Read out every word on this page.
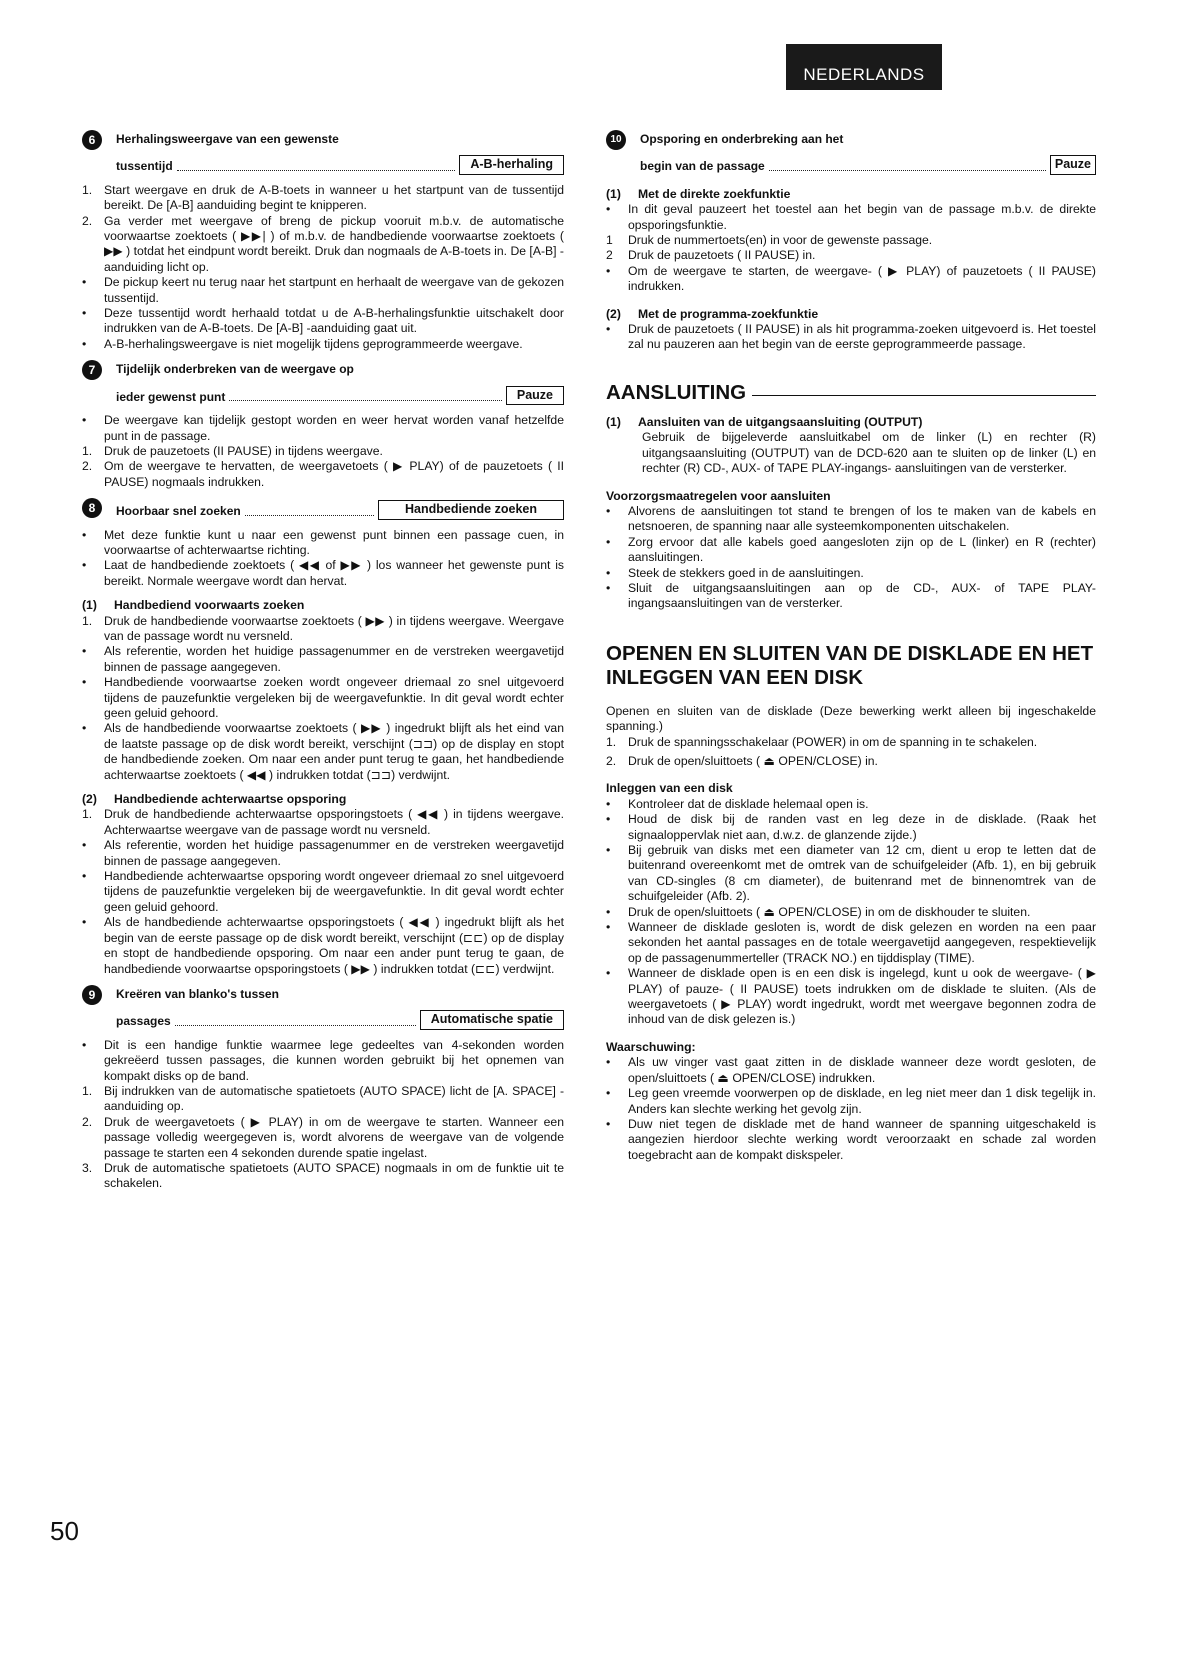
NEDERLANDS
6	Herhalingsweergave van een gewenste
tussentijd	A-B-herhaling
1. Start weergave en druk de A-B-toets in wanneer u het startpunt van de tussentijd bereikt. De [A-B] aanduiding begint te knipperen.
2. Ga verder met weergave of breng de pickup vooruit m.b.v. de automatische voorwaartse zoektoets ( ▶▶| ) of m.b.v. de handbediende voorwaartse zoektoets ( ▶▶ ) totdat het eindpunt wordt bereikt. Druk dan nogmaals de A-B-toets in. De [A-B] -aanduiding licht op.
•	De pickup keert nu terug naar het startpunt en herhaalt de weergave van de gekozen tussentijd.
•	Deze tussentijd wordt herhaald totdat u de A-B-herhalingsfunktie uitschakelt door indrukken van de A-B-toets. De [A-B] -aanduiding gaat uit.
•	A-B-herhalingsweergave is niet mogelijk tijdens geprogrammeerde weergave.
7	Tijdelijk onderbreken van de weergave op
ieder gewenst punt	Pauze
•	De weergave kan tijdelijk gestopt worden en weer hervat worden vanaf hetzelfde punt in de passage.
1. Druk de pauzetoets (II PAUSE) in tijdens weergave.
2. Om de weergave te hervatten, de weergavetoets ( ▶ PLAY) of de pauzetoets ( II PAUSE) nogmaals indrukken.
8	Hoorbaar snel zoeken	Handbediende zoeken
•	Met deze funktie kunt u naar een gewenst punt binnen een passage cuen, in voorwaartse of achterwaartse richting.
•	Laat de handbediende zoektoets ( ◀◀ of ▶▶ ) los wanneer het gewenste punt is bereikt. Normale weergave wordt dan hervat.
(1)	Handbediend voorwaarts zoeken
1. Druk de handbediende voorwaartse zoektoets ( ▶▶ ) in tijdens weergave. Weergave van de passage wordt nu versneld.
•	Als referentie, worden het huidige passagenummer en de verstreken weergavetijd binnen de passage aangegeven.
•	Handbediende voorwaartse zoeken wordt ongeveer driemaal zo snel uitgevoerd tijdens de pauzefunktie vergeleken bij de weergavefunktie. In dit geval wordt echter geen geluid gehoord.
•	Als de handbediende voorwaartse zoektoets ( ▶▶ ) ingedrukt blijft als het eind van de laatste passage op de disk wordt bereikt, verschijnt (⊐⊐) op de display en stopt de handbediende zoeken. Om naar een ander punt terug te gaan, het handbediende achterwaartse zoektoets ( ◀◀ ) indrukken totdat (⊐⊐) verdwijnt.
(2)	Handbediende achterwaartse opsporing
1. Druk de handbediende achterwaartse opsporingstoets ( ◀◀ ) in tijdens weergave. Achterwaartse weergave van de passage wordt nu versneld.
•	Als referentie, worden het huidige passagenummer en de verstreken weergavetijd binnen de passage aangegeven.
•	Handbediende achterwaartse opsporing wordt ongeveer driemaal zo snel uitgevoerd tijdens de pauzefunktie vergeleken bij de weergavefunktie. In dit geval wordt echter geen geluid gehoord.
•	Als de handbediende achterwaartse opsporingstoets ( ◀◀ ) ingedrukt blijft als het begin van de eerste passage op de disk wordt bereikt, verschijnt (⊏⊏) op de display en stopt de handbediende opsporing. Om naar een ander punt terug te gaan, de handbediende voorwaartse opsporingstoets ( ▶▶ ) indrukken totdat (⊏⊏) verdwijnt.
9	Kreëren van blanko's tussen
passages	Automatische spatie
•	Dit is een handige funktie waarmee lege gedeeltes van 4-sekonden worden gekreëerd tussen passages, die kunnen worden gebruikt bij het opnemen van kompakt disks op de band.
1. Bij indrukken van de automatische spatietoets (AUTO SPACE) licht de [A. SPACE] -aanduiding op.
2. Druk de weergavetoets ( ▶ PLAY) in om de weergave te starten. Wanneer een passage volledig weergegeven is, wordt alvorens de weergave van de volgende passage te starten een 4 sekonden durende spatie ingelast.
3. Druk de automatische spatietoets (AUTO SPACE) nogmaals in om de funktie uit te schakelen.
10	Opsporing en onderbreking aan het
begin van de passage	Pauze
(1)	Met de direkte zoekfunktie
•	In dit geval pauzeert het toestel aan het begin van de passage m.b.v. de direkte opsporingsfunktie.
1	Druk de nummertoets(en) in voor de gewenste passage.
2	Druk de pauzetoets ( II PAUSE) in.
•	Om de weergave te starten, de weergave- ( ▶ PLAY) of pauzetoets ( II PAUSE) indrukken.
(2)	Met de programma-zoekfunktie
•	Druk de pauzetoets ( II PAUSE) in als hit programma-zoeken uitgevoerd is. Het toestel zal nu pauzeren aan het begin van de eerste geprogrammeerde passage.
AANSLUITING
(1)	Aansluiten van de uitgangsaansluiting (OUTPUT)
Gebruik de bijgeleverde aansluitkabel om de linker (L) en rechter (R) uitgangsaansluiting (OUTPUT) van de DCD-620 aan te sluiten op de linker (L) en rechter (R) CD-, AUX- of TAPE PLAY-ingangs- aansluitingen van de versterker.
Voorzorgsmaatregelen voor aansluiten
•	Alvorens de aansluitingen tot stand te brengen of los te maken van de kabels en netsnoeren, de spanning naar alle systeemkomponenten uitschakelen.
•	Zorg ervoor dat alle kabels goed aangesloten zijn op de L (linker) en R (rechter) aansluitingen.
•	Steek de stekkers goed in de aansluitingen.
•	Sluit de uitgangsaansluitingen aan op de CD-, AUX- of TAPE PLAY-ingangsaansluitingen van de versterker.
OPENEN EN SLUITEN VAN DE DISKLADE EN HET INLEGGEN VAN EEN DISK
Openen en sluiten van de disklade (Deze bewerking werkt alleen bij ingeschakelde spanning.)
1. Druk de spanningsschakelaar (POWER) in om de spanning in te schakelen.
2. Druk de open/sluittoets ( ⏏ OPEN/CLOSE) in.
Inleggen van een disk
•	Kontroleer dat de disklade helemaal open is.
•	Houd de disk bij de randen vast en leg deze in de disklade. (Raak het signaaloppervlak niet aan, d.w.z. de glanzende zijde.)
•	Bij gebruik van disks met een diameter van 12 cm, dient u erop te letten dat de buitenrand overeenkomt met de omtrek van de schuifgeleider (Afb. 1), en bij gebruik van CD-singles (8 cm diameter), de buitenrand met de binnenomtrek van de schuifgeleider (Afb. 2).
•	Druk de open/sluittoets ( ⏏ OPEN/CLOSE) in om de diskhouder te sluiten.
•	Wanneer de disklade gesloten is, wordt de disk gelezen en worden na een paar sekonden het aantal passages en de totale weergavetijd aangegeven, respektievelijk op de passagenummerteller (TRACK NO.) en tijddisplay (TIME).
•	Wanneer de disklade open is en een disk is ingelegd, kunt u ook de weergave- ( ▶ PLAY) of pauze- ( II PAUSE) toets indrukken om de disklade te sluiten. (Als de weergavetoets ( ▶ PLAY) wordt ingedrukt, wordt met weergave begonnen zodra de inhoud van de disk gelezen is.)
Waarschuwing:
•	Als uw vinger vast gaat zitten in de disklade wanneer deze wordt gesloten, de open/sluittoets ( ⏏ OPEN/CLOSE) indrukken.
•	Leg geen vreemde voorwerpen op de disklade, en leg niet meer dan 1 disk tegelijk in. Anders kan slechte werking het gevolg zijn.
•	Duw niet tegen de disklade met de hand wanneer de spanning uitgeschakeld is aangezien hierdoor slechte werking wordt veroorzaakt en schade zal worden toegebracht aan de kompakt diskspeler.
50
